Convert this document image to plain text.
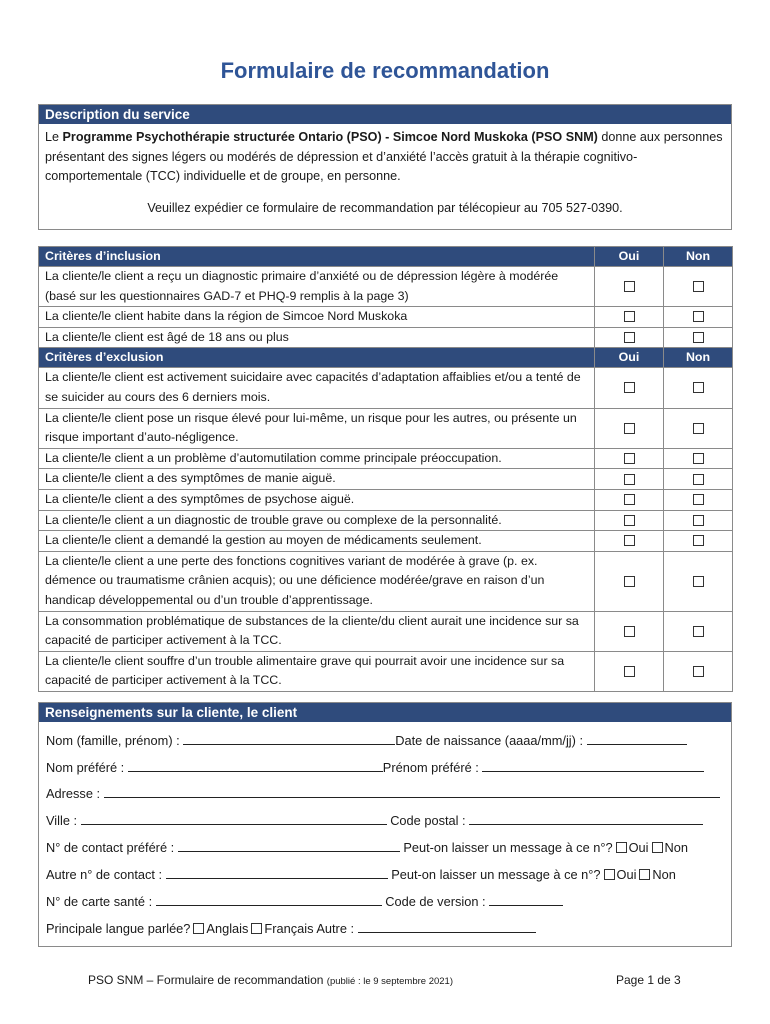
Formulaire de recommandation
Description du service
Le Programme Psychothérapie structurée Ontario (PSO) - Simcoe Nord Muskoka (PSO SNM) donne aux personnes présentant des signes légers ou modérés de dépression et d’anxiété l’accès gratuit à la thérapie cognitivo-comportementale (TCC) individuelle et de groupe, en personne.
Veuillez expédier ce formulaire de recommandation par télécopieur au 705 527-0390.
Critères d’inclusion	Oui	Non
La cliente/le client a reçu un diagnostic primaire d’anxiété ou de dépression légère à modérée (basé sur les questionnaires GAD-7 et PHQ-9 remplis à la page 3)		
La cliente/le client habite dans la région de Simcoe Nord Muskoka		
La cliente/le client est âgé de 18 ans ou plus		
Critères d’exclusion	Oui	Non
La cliente/le client est activement suicidaire avec capacités d’adaptation affaiblies et/ou a tenté de se suicider au cours des 6 derniers mois.		
La cliente/le client pose un risque élevé pour lui-même, un risque pour les autres, ou présente un risque important d’auto-négligence.		
La cliente/le client a un problème d’automutilation comme principale préoccupation.		
La cliente/le client a des symptômes de manie aiguë.		
La cliente/le client a des symptômes de psychose aiguë.		
La cliente/le client a un diagnostic de trouble grave ou complexe de la personnalité.		
La cliente/le client a demandé la gestion au moyen de médicaments seulement.		
La cliente/le client a une perte des fonctions cognitives variant de modérée à grave (p. ex. démence ou traumatisme crânien acquis); ou une déficience modérée/grave en raison d’un handicap développemental ou d’un trouble d’apprentissage.		
La consommation problématique de substances de la cliente/du client aurait une incidence sur sa capacité de participer activement à la TCC.		
La cliente/le client souffre d’un trouble alimentaire grave qui pourrait avoir une incidence sur sa capacité de participer activement à la TCC.		
Renseignements sur la cliente, le client
Nom (famille, prénom) :	Date de naissance (aaaa/mm/jj) :
Nom préféré :	Prénom préféré :
Adresse :
Ville :	Code postal :
N° de contact préféré :	Peut-on laisser un message à ce n°? Oui Non
Autre n° de contact :	Peut-on laisser un message à ce n°? Oui Non
N° de carte santé :	Code de version :
Principale langue parlée? Anglais Français Autre :
PSO SNM – Formulaire de recommandation (publié : le 9 septembre 2021)	Page 1 de 3
